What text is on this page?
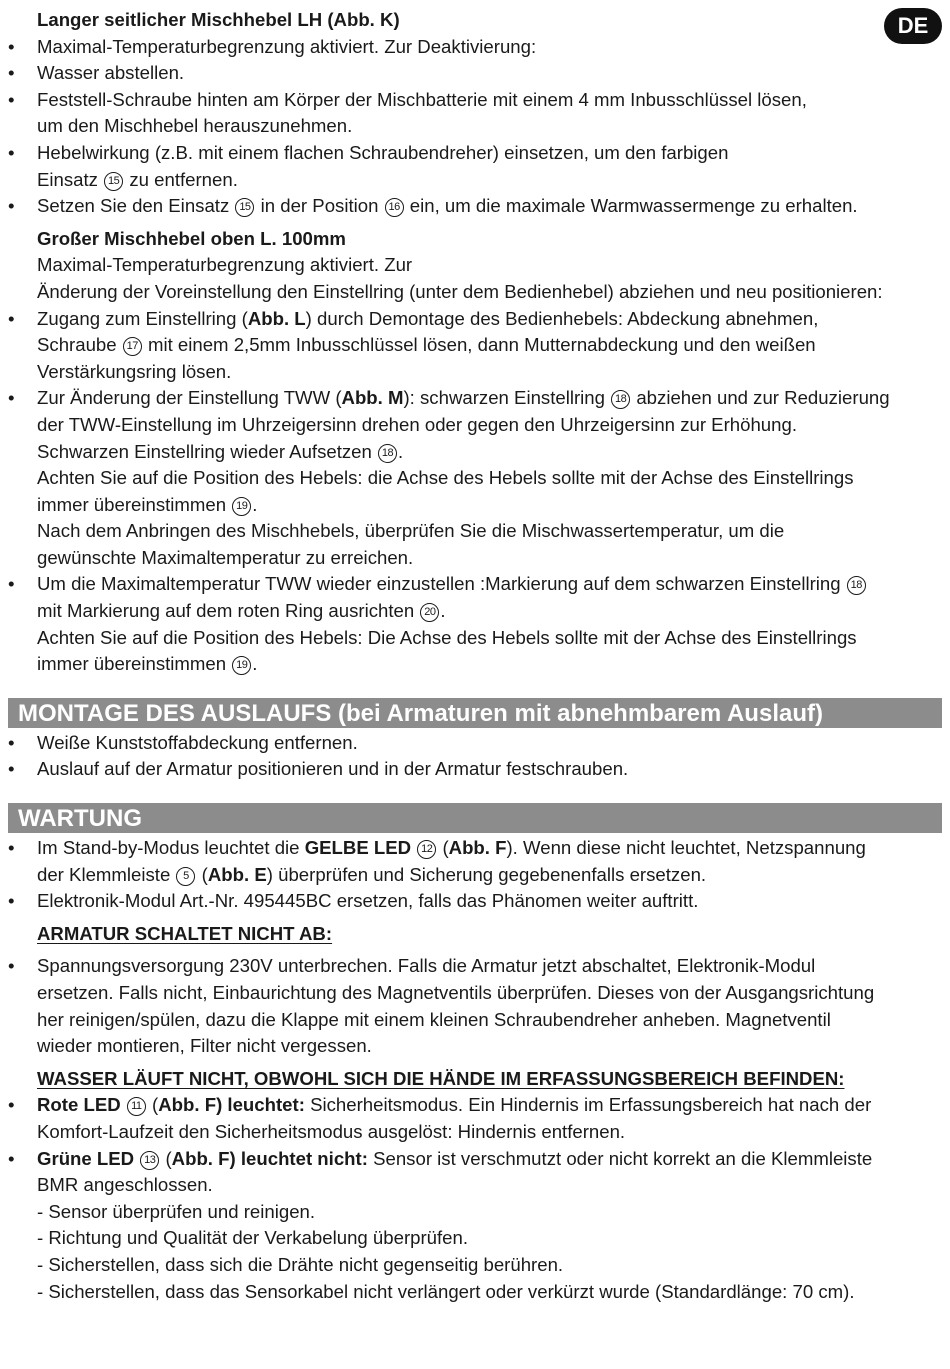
DE
Langer seitlicher Mischhebel LH (Abb. K)
• Maximal-Temperaturbegrenzung aktiviert. Zur Deaktivierung:
• Wasser abstellen.
• Feststell-Schraube hinten am Körper der Mischbatterie mit einem 4 mm Inbusschlüssel lösen,
um den Mischhebel herauszunehmen.
• Hebelwirkung (z.B. mit einem flachen Schraubendreher) einsetzen, um den farbigen
Einsatz 15 zu entfernen.
• Setzen Sie den Einsatz 15 in der Position 16 ein, um die maximale Warmwassermenge zu erhalten.
Großer Mischhebel oben L. 100mm
Maximal-Temperaturbegrenzung aktiviert. Zur
Änderung der Voreinstellung den Einstellring (unter dem Bedienhebel) abziehen und neu positionieren:
• Zugang zum Einstellring (Abb. L) durch Demontage des Bedienhebels: Abdeckung abnehmen,
Schraube 17 mit einem 2,5mm Inbusschlüssel lösen, dann Mutternabdeckung und den weißen
Verstärkungsring lösen.
• Zur Änderung der Einstellung TWW (Abb. M): schwarzen Einstellring 18 abziehen und zur Reduzierung
der TWW-Einstellung im Uhrzeigersinn drehen oder gegen den Uhrzeigersinn zur Erhöhung.
Schwarzen Einstellring wieder Aufsetzen 18 .
Achten Sie auf die Position des Hebels: die Achse des Hebels sollte mit der Achse des Einstellrings
immer übereinstimmen 19 .
Nach dem Anbringen des Mischhebels, überprüfen Sie die Mischwassertemperatur, um die
gewünschte Maximaltemperatur zu erreichen.
• Um die Maximaltemperatur TWW wieder einzustellen :Markierung auf dem schwarzen Einstellring 18
mit Markierung auf dem roten Ring ausrichten 20 .
Achten Sie auf die Position des Hebels: Die Achse des Hebels sollte mit der Achse des Einstellrings
immer übereinstimmen 19 .
MONTAGE DES AUSLAUFS (bei Armaturen mit abnehmbarem Auslauf)
• Weiße Kunststoffabdeckung entfernen.
• Auslauf auf der Armatur positionieren und in der Armatur festschrauben.
WARTUNG
• Im Stand-by-Modus leuchtet die GELBE LED 12 (Abb. F). Wenn diese nicht leuchtet, Netzspannung
der Klemmleiste 5 (Abb. E) überprüfen und Sicherung gegebenenfalls ersetzen.
• Elektronik-Modul Art.-Nr. 495445BC ersetzen, falls das Phänomen weiter auftritt.
ARMATUR SCHALTET NICHT AB:
• Spannungsversorgung 230V unterbrechen. Falls die Armatur jetzt abschaltet, Elektronik-Modul
ersetzen. Falls nicht, Einbaurichtung des Magnetventils überprüfen. Dieses von der Ausgangsrichtung
her reinigen/spülen, dazu die Klappe mit einem kleinen Schraubendreher anheben. Magnetventil
wieder montieren, Filter nicht vergessen.
WASSER LÄUFT NICHT, OBWOHL SICH DIE HÄNDE IM ERFASSUNGSBEREICH BEFINDEN:
• Rote LED 11 (Abb. F) leuchtet: Sicherheitsmodus. Ein Hindernis im Erfassungsbereich hat nach der
Komfort-Laufzeit den Sicherheitsmodus ausgelöst: Hindernis entfernen.
• Grüne LED 13 (Abb. F) leuchtet nicht: Sensor ist verschmutzt oder nicht korrekt an die Klemmleiste
BMR angeschlossen.
- Sensor überprüfen und reinigen.
- Richtung und Qualität der Verkabelung überprüfen.
- Sicherstellen, dass sich die Drähte nicht gegenseitig berühren.
- Sicherstellen, dass das Sensorkabel nicht verlängert oder verkürzt wurde (Standardlänge: 70 cm).
